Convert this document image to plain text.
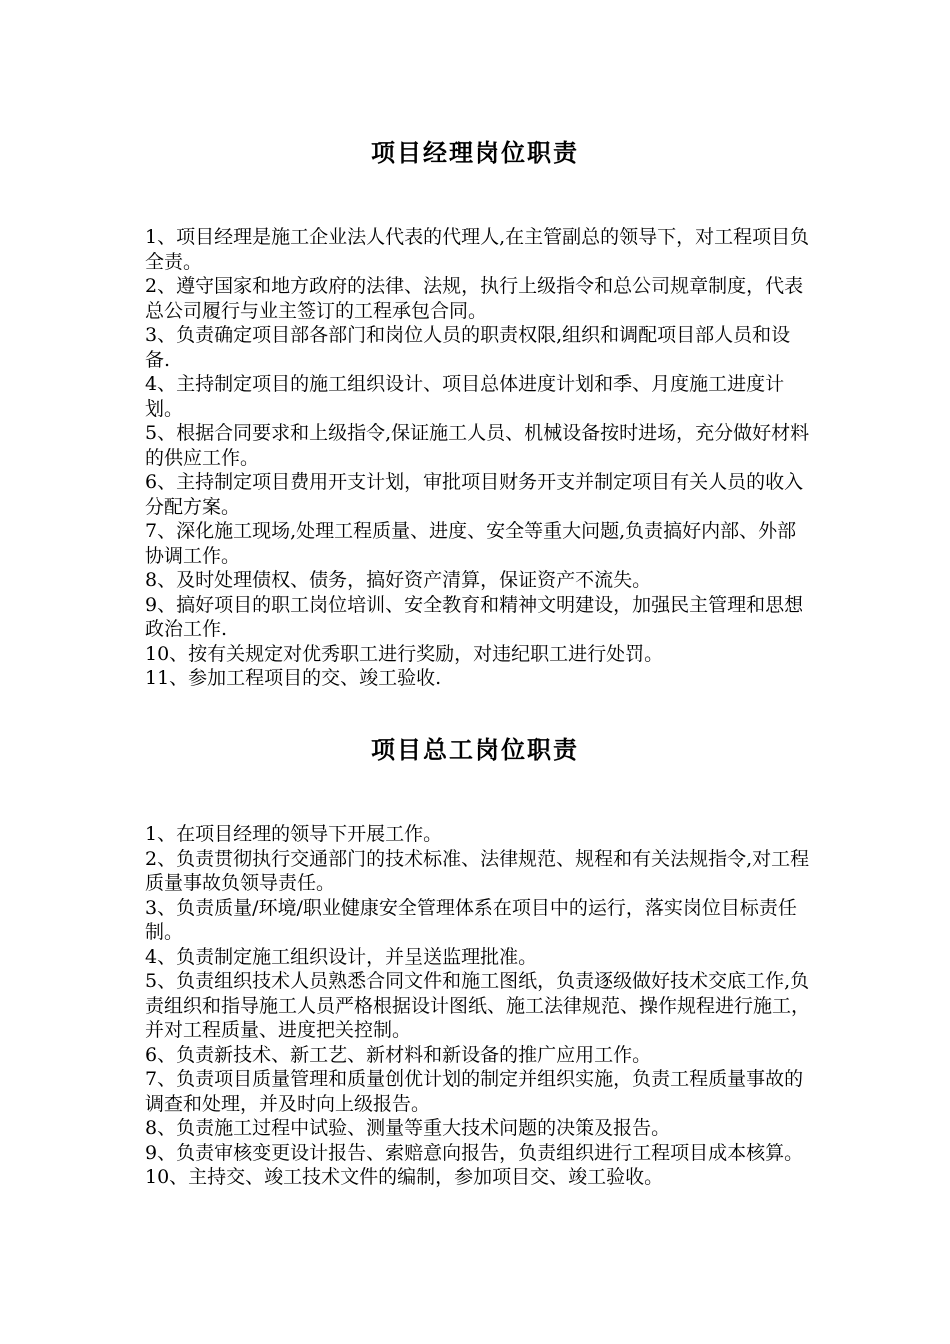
项目经理岗位职责
1、项目经理是施工企业法人代表的代理人,在主管副总的领导下，对工程项目负全责。
2、遵守国家和地方政府的法律、法规，执行上级指令和总公司规章制度，代表总公司履行与业主签订的工程承包合同。
3、负责确定项目部各部门和岗位人员的职责权限,组织和调配项目部人员和设备.
4、主持制定项目的施工组织设计、项目总体进度计划和季、月度施工进度计划。
5、根据合同要求和上级指令,保证施工人员、机械设备按时进场，充分做好材料的供应工作。
6、主持制定项目费用开支计划，审批项目财务开支并制定项目有关人员的收入分配方案。
7、深化施工现场,处理工程质量、进度、安全等重大问题,负责搞好内部、外部协调工作。
8、及时处理债权、债务，搞好资产清算，保证资产不流失。
9、搞好项目的职工岗位培训、安全教育和精神文明建设，加强民主管理和思想政治工作.
10、按有关规定对优秀职工进行奖励，对违纪职工进行处罚。
11、参加工程项目的交、竣工验收.
项目总工岗位职责
1、在项目经理的领导下开展工作。
2、负责贯彻执行交通部门的技术标准、法律规范、规程和有关法规指令,对工程质量事故负领导责任。
3、负责质量/环境/职业健康安全管理体系在项目中的运行，落实岗位目标责任制。
4、负责制定施工组织设计，并呈送监理批准。
5、负责组织技术人员熟悉合同文件和施工图纸，负责逐级做好技术交底工作,负责组织和指导施工人员严格根据设计图纸、施工法律规范、操作规程进行施工，并对工程质量、进度把关控制。
6、负责新技术、新工艺、新材料和新设备的推广应用工作。
7、负责项目质量管理和质量创优计划的制定并组织实施，负责工程质量事故的调查和处理，并及时向上级报告。
8、负责施工过程中试验、测量等重大技术问题的决策及报告。
9、负责审核变更设计报告、索赔意向报告，负责组织进行工程项目成本核算。
10、主持交、竣工技术文件的编制，参加项目交、竣工验收。
